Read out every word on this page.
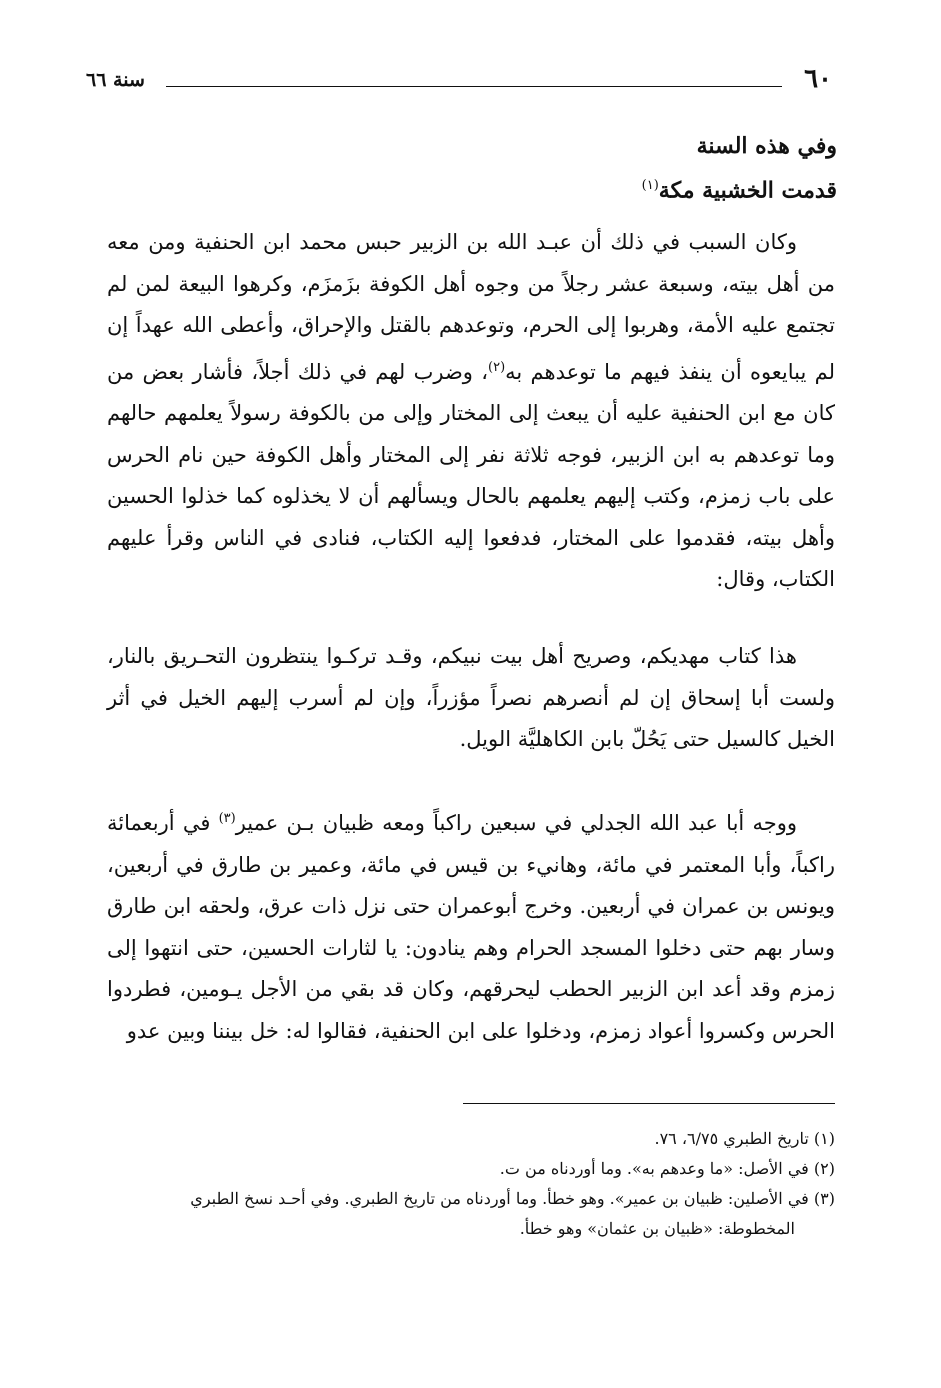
٦٠
سنة ٦٦

وفي هذه السنة

قدمت الخشبية مكة$^{(١)}$

وكان السبب في ذلك أن عبـد الله بن الزبير حبس محمد ابن الحنفية ومن معه من أهل بيته، وسبعة عشر رجلاً من وجوه أهل الكوفة بزَمزَم، وكرهوا البيعة لمن لم تجتمع عليه الأمة، وهربوا إلى الحرم، وتوعدهم بالقتل والإحراق، وأعطى الله عهداً إن لم يبايعوه أن ينفذ فيهم ما توعدهم به$^{(٢)}$، وضرب لهم في ذلك أجلاً، فأشار بعض من كان مع ابن الحنفية عليه أن يبعث إلى المختار وإلى من بالكوفة رسولاً يعلمهم حالهم وما توعدهم به ابن الزبير، فوجه ثلاثة نفر إلى المختار وأهل الكوفة حين نام الحرس على باب زمزم، وكتب إليهم يعلمهم بالحال ويسألهم أن لا يخذلوه كما خذلوا الحسين وأهل بيته، فقدموا على المختار، فدفعوا إليه الكتاب، فنادى في الناس وقرأ عليهم الكتاب، وقال:

هذا كتاب مهديكم، وصريح أهل بيت نبيكم، وقـد تركـوا ينتظرون التحـريق بالنار، ولست أبا إسحاق إن لم أنصرهم نصراً مؤزراً، وإن لم أسرب إليهم الخيل في أثر الخيل كالسيل حتى يَحُلّ بابن الكاهليَّة الويل.

ووجه أبا عبد الله الجدلي في سبعين راكباً ومعه ظبيان بـن عمير$^{(٣)}$ في أربعمائة راكباً، وأبا المعتمر في مائة، وهانيء بن قيس في مائة، وعمير بن طارق في أربعين، ويونس بن عمران في أربعين. وخرج أبوعمران حتى نزل ذات عرق، ولحقه ابن طارق وسار بهم حتى دخلوا المسجد الحرام وهم ينادون: يا لثارات الحسين، حتى انتهوا إلى زمزم وقد أعد ابن الزبير الحطب ليحرقهم، وكان قد بقي من الأجل يـومين، فطردوا الحرس وكسروا أعواد زمزم، ودخلوا على ابن الحنفية، فقالوا له: خل بيننا وبين عدو

(١) تاريخ الطبري ٦/٧٥، ٧٦.

(٢) في الأصل: «ما وعدهم به». وما أوردناه من ت.

(٣) في الأصلين: ظبيان بن عمير». وهو خطأ. وما أوردناه من تاريخ الطبري. وفي أحـد نسخ الطبري

المخطوطة: «ظبيان بن عثمان» وهو خطأ.
